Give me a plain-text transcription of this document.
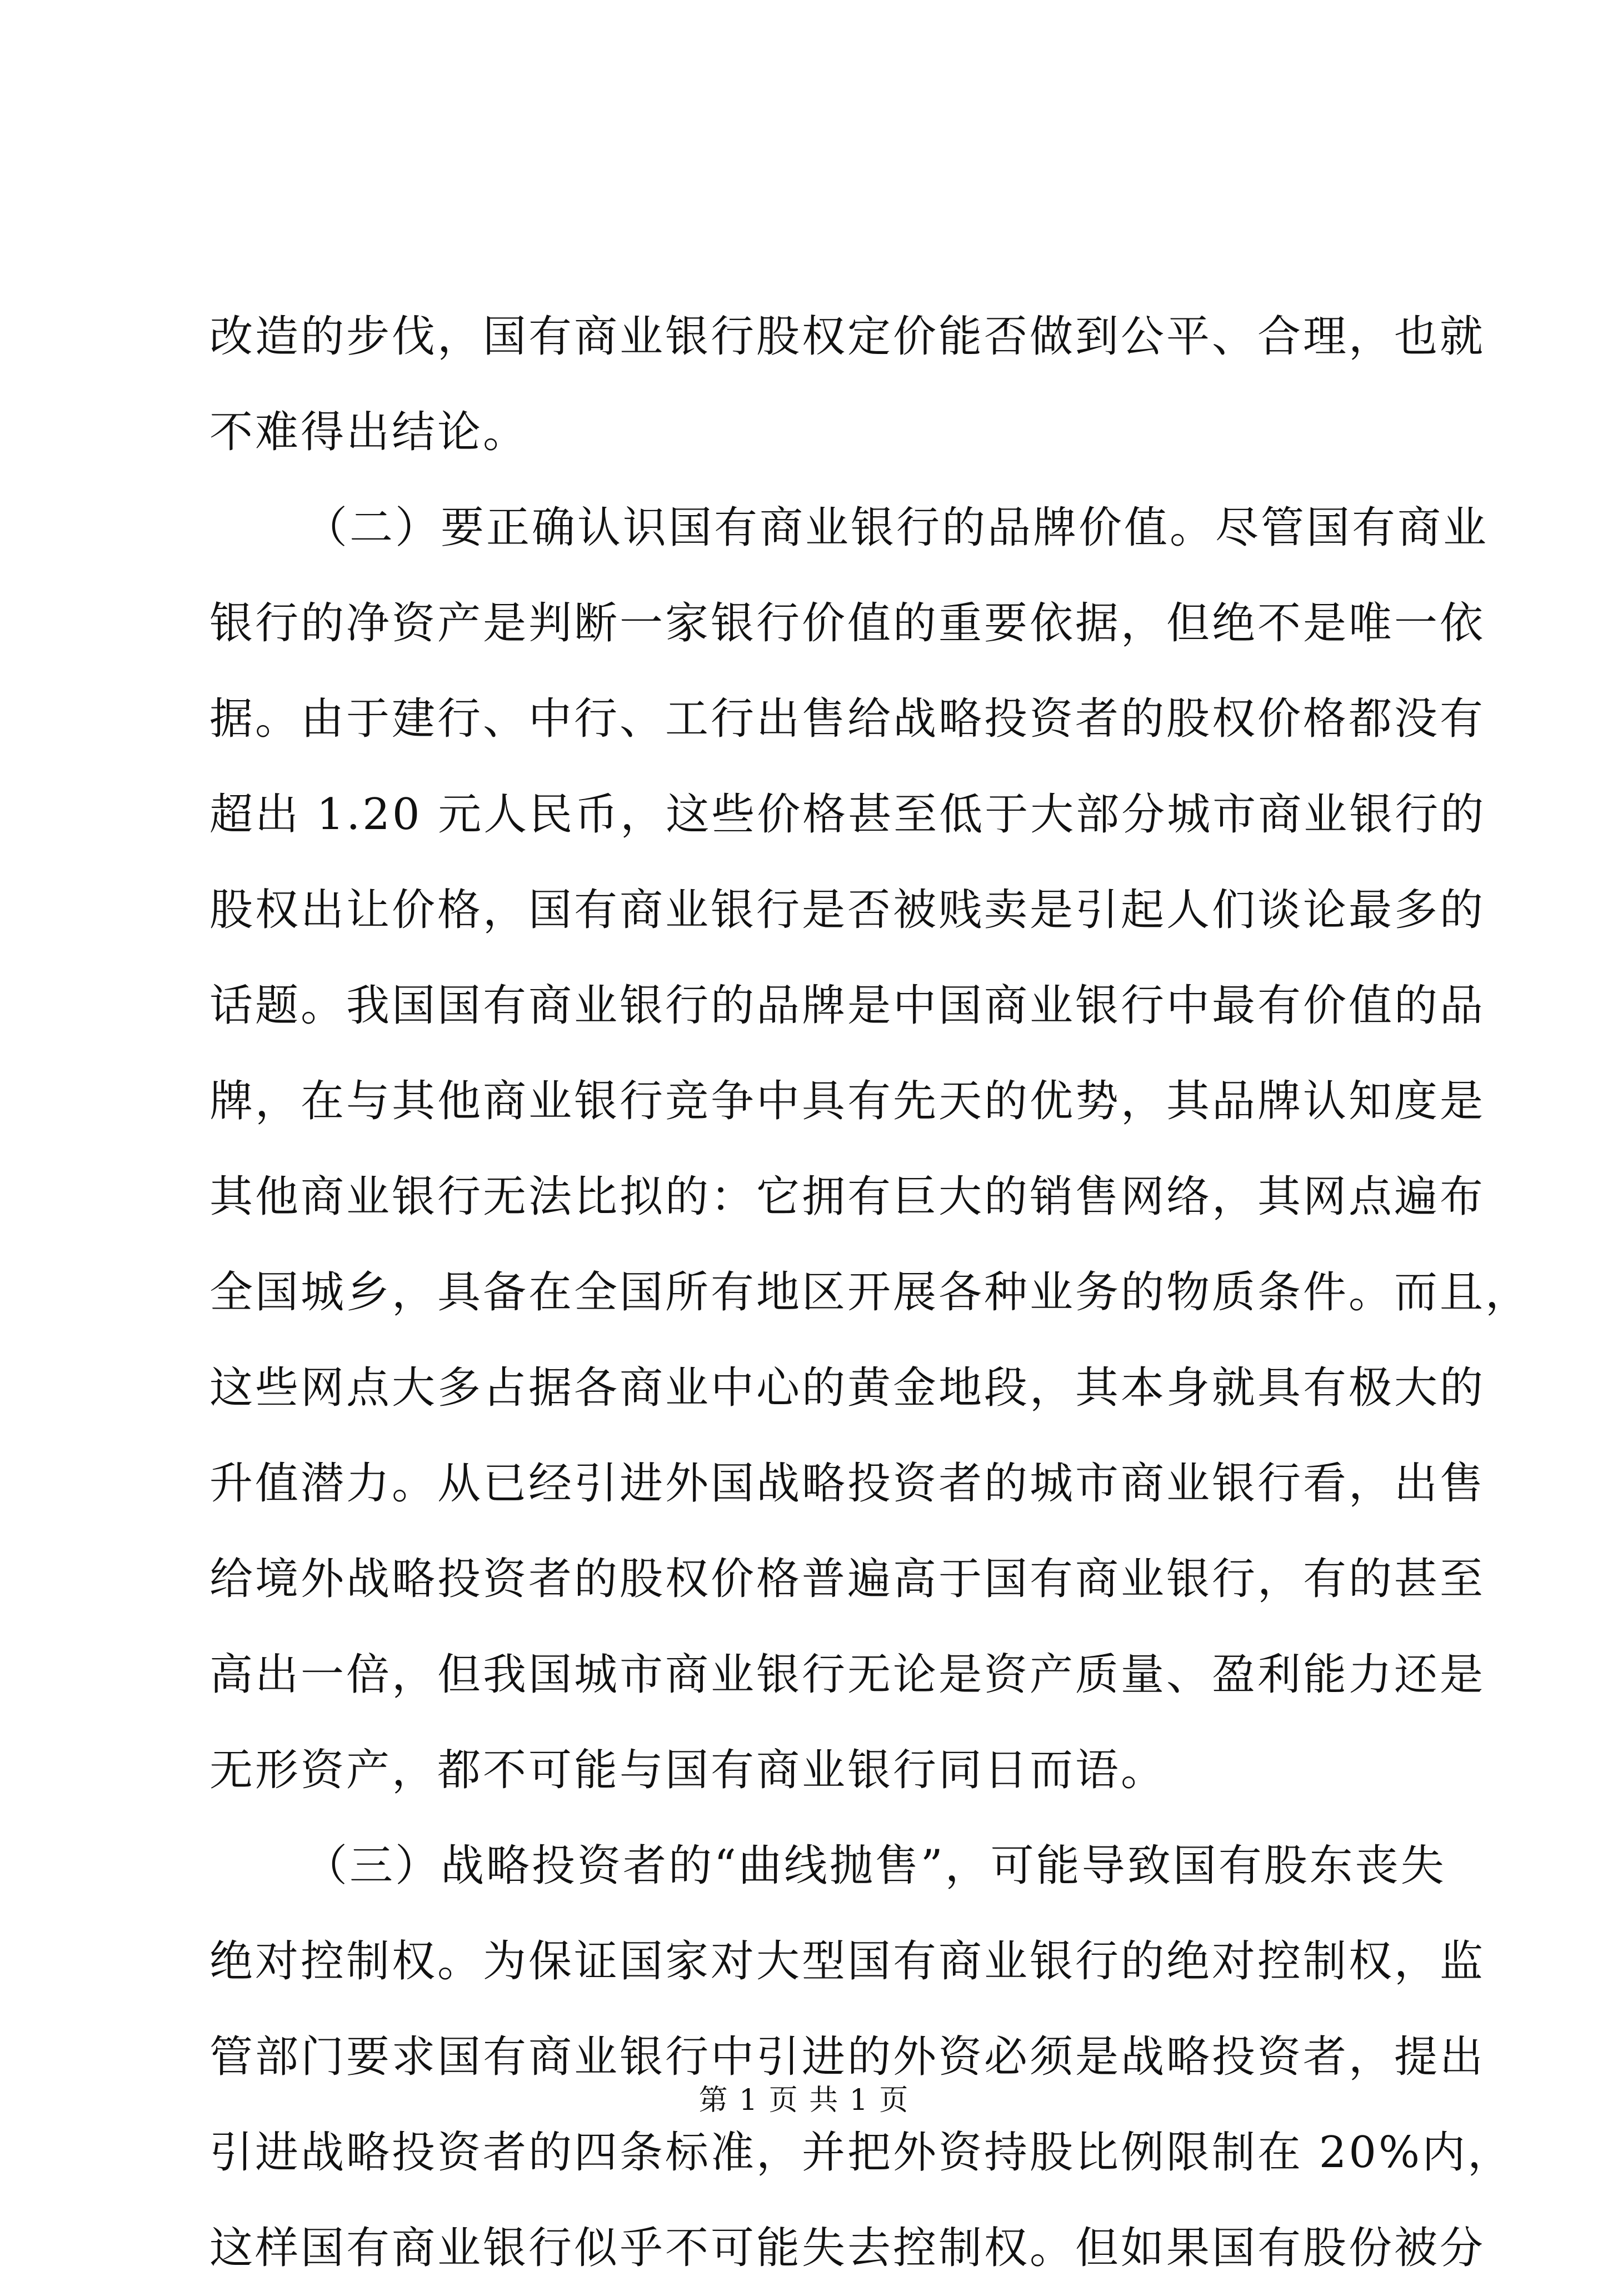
改造的步伐，国有商业银行股权定价能否做到公平、合理，也就
不难得出结论。
（二）要正确认识国有商业银行的品牌价值。尽管国有商业
银行的净资产是判断一家银行价值的重要依据，但绝不是唯一依
据。由于建行、中行、工行出售给战略投资者的股权价格都没有
超出 1.20 元人民币，这些价格甚至低于大部分城市商业银行的
股权出让价格，国有商业银行是否被贱卖是引起人们谈论最多的
话题。我国国有商业银行的品牌是中国商业银行中最有价值的品
牌，在与其他商业银行竞争中具有先天的优势，其品牌认知度是
其他商业银行无法比拟的：它拥有巨大的销售网络，其网点遍布
全国城乡，具备在全国所有地区开展各种业务的物质条件。而且，
这些网点大多占据各商业中心的黄金地段，其本身就具有极大的
升值潜力。从已经引进外国战略投资者的城市商业银行看，出售
给境外战略投资者的股权价格普遍高于国有商业银行，有的甚至
高出一倍，但我国城市商业银行无论是资产质量、盈利能力还是
无形资产，都不可能与国有商业银行同日而语。
（三）战略投资者的“曲线抛售”，可能导致国有股东丧失
绝对控制权。为保证国家对大型国有商业银行的绝对控制权，监
管部门要求国有商业银行中引进的外资必须是战略投资者，提出
引进战略投资者的四条标准，并把外资持股比例限制在 20%内，
这样国有商业银行似乎不可能失去控制权。但如果国有股份被分
第 1 页 共 1 页
